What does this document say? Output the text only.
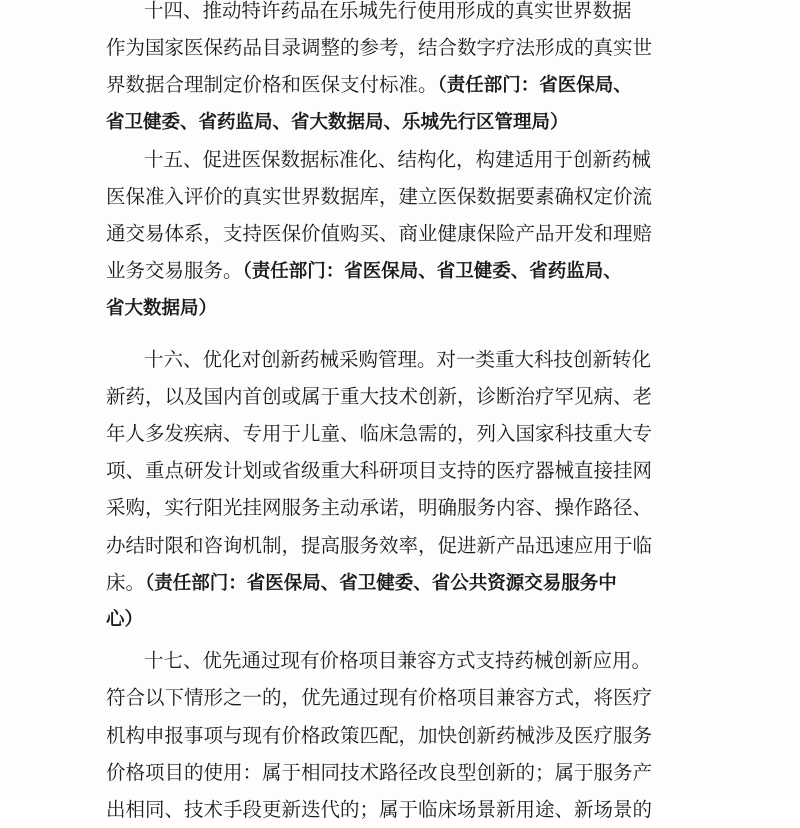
十四、推动特许药品在乐城先行使用形成的真实世界数据
作为国家医保药品目录调整的参考，结合数字疗法形成的真实世
界数据合理制定价格和医保支付标准。（责任部门：省医保局、
省卫健委、省药监局、省大数据局、乐城先行区管理局）
十五、促进医保数据标准化、结构化，构建适用于创新药械
医保准入评价的真实世界数据库，建立医保数据要素确权定价流
通交易体系，支持医保价值购买、商业健康保险产品开发和理赔
业务交易服务。（责任部门：省医保局、省卫健委、省药监局、
省大数据局）
十六、优化对创新药械采购管理。对一类重大科技创新转化
新药，以及国内首创或属于重大技术创新，诊断治疗罕见病、老
年人多发疾病、专用于儿童、临床急需的，列入国家科技重大专
项、重点研发计划或省级重大科研项目支持的医疗器械直接挂网
采购，实行阳光挂网服务主动承诺，明确服务内容、操作路径、
办结时限和咨询机制，提高服务效率，促进新产品迅速应用于临
床。（责任部门：省医保局、省卫健委、省公共资源交易服务中
心）
十七、优先通过现有价格项目兼容方式支持药械创新应用。
符合以下情形之一的，优先通过现有价格项目兼容方式，将医疗
机构申报事项与现有价格政策匹配，加快创新药械涉及医疗服务
价格项目的使用：属于相同技术路径改良型创新的；属于服务产
出相同、技术手段更新迭代的；属于临床场景新用途、新场景的
